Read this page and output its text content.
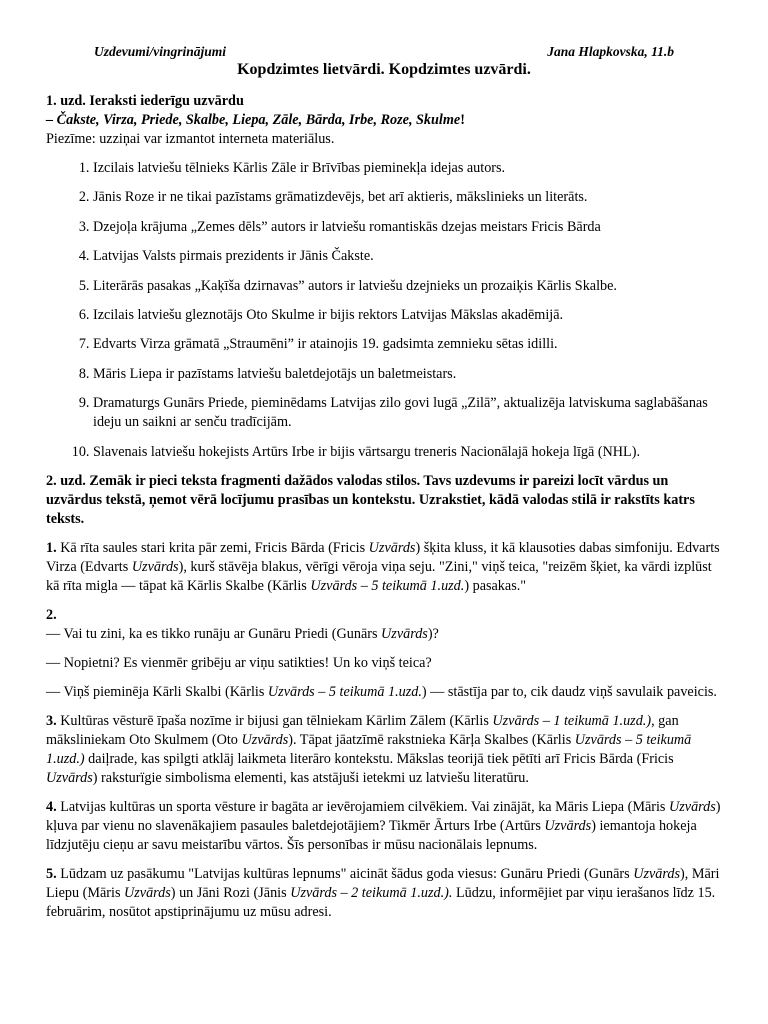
Uzdevumi/vingrinājumi	Jana Hlapkovska, 11.b
Kopdzimtes lietvārdi. Kopdzimtes uzvārdi.

1. uzd. Ieraksti iederīgu uzvārdu

– Čakste, Virza, Priede, Skalbe, Liepa, Zāle, Bārda, Irbe, Roze, Skulme!

Piezīme: uzziņai var izmantot interneta materiālus.

1. Izcilais latviešu tēlnieks Kārlis Zāle ir Brīvības pieminekļa idejas autors.
2. Jānis Roze ir ne tikai pazīstams grāmatizdevējs, bet arī aktieris, mākslinieks un literāts.
3. Dzejoļa krājuma „Zemes dēls” autors ir latviešu romantiskās dzejas meistars Fricis Bārda
4. Latvijas Valsts pirmais prezidents ir Jānis Čakste.
5. Literārās pasakas „Kaķīša dzirnavas” autors ir latviešu dzejnieks un prozaiķis Kārlis Skalbe.
6. Izcilais latviešu gleznotājs Oto Skulme ir bijis rektors Latvijas Mākslas akadēmijā.
7. Edvarts Virza grāmatā „Straumēni” ir atainojis 19. gadsimta zemnieku sētas idilli.
8. Māris Liepa ir pazīstams latviešu baletdejotājs un baletmeistars.
9. Dramaturgs Gunārs Priede, pieminēdams Latvijas zilo govi lugā „Zilā”, aktualizēja latviskuma saglabāšanas ideju un saikni ar senču tradīcijām.
10. Slavenais latviešu hokejists Artūrs Irbe ir bijis vārtsargu treneris Nacionālajā hokeja līgā (NHL).

2. uzd. Zemāk ir pieci teksta fragmenti dažādos valodas stilos. Tavs uzdevums ir pareizi locīt vārdus un uzvārdus tekstā, ņemot vērā locījumu prasības un kontekstu. Uzrakstiet, kādā valodas stilā ir rakstīts katrs teksts.

1. Kā rīta saules stari krita pār zemi, Fricis Bārda (Fricis Uzvārds) šķita kluss, it kā klausoties dabas simfoniju. Edvarts Virza (Edvarts Uzvārds), kurš stāvēja blakus, vērīgi vēroja viņa seju. "Zini," viņš teica, "reizēm šķiet, ka vārdi izplūst kā rīta migla — tāpat kā Kārlis Skalbe (Kārlis Uzvārds – 5 teikumā 1.uzd.) pasakas."

2.

— Vai tu zini, ka es tikko runāju ar Gunāru Priedi (Gunārs Uzvārds)?

— Nopietni? Es vienmēr gribēju ar viņu satikties! Un ko viņš teica?

— Viņš pieminēja Kārli Skalbi (Kārlis Uzvārds – 5 teikumā 1.uzd.) — stāstīja par to, cik daudz viņš savulaik paveicis.

3. Kultūras vēsturē īpaša nozīme ir bijusi gan tēlniekam Kārlim Zālem (Kārlis Uzvārds – 1 teikumā 1.uzd.), gan māksliniekam Oto Skulmem (Oto Uzvārds). Tāpat jāatzīmē rakstnieka Kārļa Skalbes (Kārlis Uzvārds – 5 teikumā 1.uzd.) daiļrade, kas spilgti atklāj laikmeta literāro kontekstu. Mākslas teorijā tiek pētīti arī Fricis Bārda (Fricis Uzvārds) raksturïgie simbolisma elementi, kas atstājuši ietekmi uz latviešu literatūru.

4. Latvijas kultūras un sporta vēsture ir bagāta ar ievērojamiem cilvēkiem. Vai zinājāt, ka Māris Liepa (Māris Uzvārds) kļuva par vienu no slavenākajiem pasaules baletdejotājiem? Tikmēr Ārturs Irbe (Artūrs Uzvārds) iemantoja hokeja līdzjutēju cieņu ar savu meistarību vārtos. Šīs personības ir mūsu nacionālais lepnums.

5. Lūdzam uz pasākumu "Latvijas kultūras lepnums" aicināt šādus goda viesus: Gunāru Priedi (Gunārs Uzvārds), Māri Liepu (Māris Uzvārds) un Jāni Rozi (Jānis Uzvārds – 2 teikumā 1.uzd.). Lūdzu, informējiet par viņu ierašanos līdz 15. februārim, nosūtot apstiprinājumu uz mūsu adresi.
